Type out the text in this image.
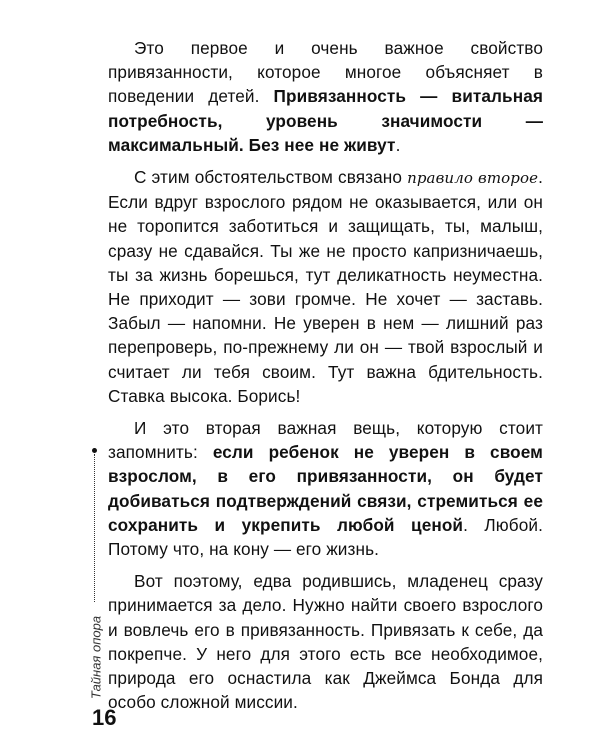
Это первое и очень важное свойство привязанности, которое многое объясняет в поведении детей. Привязанность — витальная потребность, уровень значимости — максимальный. Без нее не живут.

С этим обстоятельством связано правило второе. Если вдруг взрослого рядом не оказывается, или он не торопится заботиться и защищать, ты, малыш, сразу не сдавайся. Ты же не просто капризничаешь, ты за жизнь борешься, тут деликатность неуместна. Не приходит — зови громче. Не хочет — заставь. Забыл — напомни. Не уверен в нем — лишний раз перепроверь, по-прежнему ли он — твой взрослый и считает ли тебя своим. Тут важна бдительность. Ставка высока. Борись!

И это вторая важная вещь, которую стоит запомнить: если ребенок не уверен в своем взрослом, в его привязанности, он будет добиваться подтверждений связи, стремиться ее сохранить и укрепить любой ценой. Любой. Потому что, на кону — его жизнь.

Вот поэтому, едва родившись, младенец сразу принимается за дело. Нужно найти своего взрослого и вовлечь его в привязанность. Привязать к себе, да покрепче. У него для этого есть все необходимое, природа его оснастила как Джеймса Бонда для особо сложной миссии.

Тайная опора
16
